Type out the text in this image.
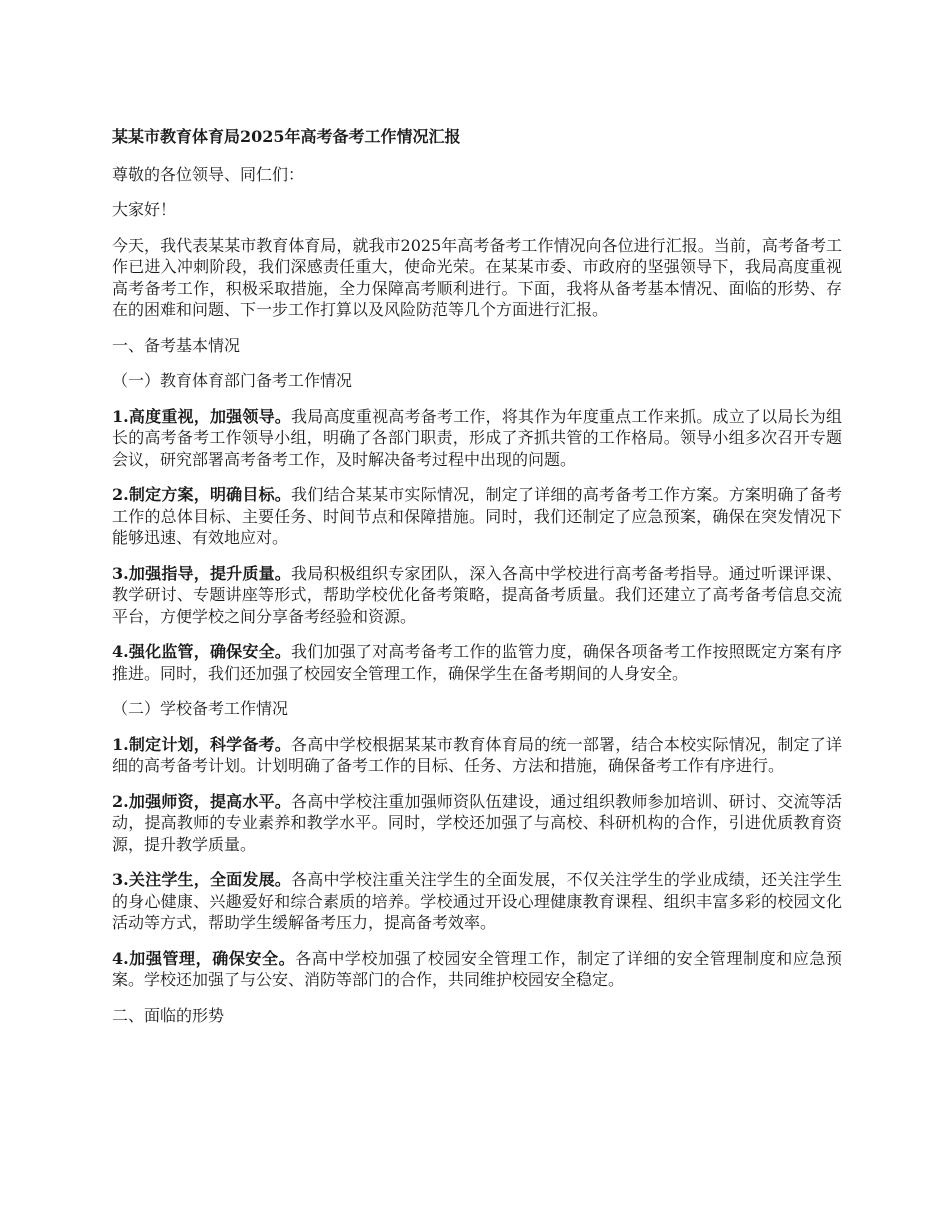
某某市教育体育局2025年高考备考工作情况汇报
尊敬的各位领导、同仁们：
大家好！
今天，我代表某某市教育体育局，就我市2025年高考备考工作情况向各位进行汇报。当前，高考备考工作已进入冲刺阶段，我们深感责任重大，使命光荣。在某某市委、市政府的坚强领导下，我局高度重视高考备考工作，积极采取措施，全力保障高考顺利进行。下面，我将从备考基本情况、面临的形势、存在的困难和问题、下一步工作打算以及风险防范等几个方面进行汇报。
一、备考基本情况
（一）教育体育部门备考工作情况
1.高度重视，加强领导。我局高度重视高考备考工作，将其作为年度重点工作来抓。成立了以局长为组长的高考备考工作领导小组，明确了各部门职责，形成了齐抓共管的工作格局。领导小组多次召开专题会议，研究部署高考备考工作，及时解决备考过程中出现的问题。
2.制定方案，明确目标。我们结合某某市实际情况，制定了详细的高考备考工作方案。方案明确了备考工作的总体目标、主要任务、时间节点和保障措施。同时，我们还制定了应急预案，确保在突发情况下能够迅速、有效地应对。
3.加强指导，提升质量。我局积极组织专家团队，深入各高中学校进行高考备考指导。通过听课评课、教学研讨、专题讲座等形式，帮助学校优化备考策略，提高备考质量。我们还建立了高考备考信息交流平台，方便学校之间分享备考经验和资源。
4.强化监管，确保安全。我们加强了对高考备考工作的监管力度，确保各项备考工作按照既定方案有序推进。同时，我们还加强了校园安全管理工作，确保学生在备考期间的人身安全。
（二）学校备考工作情况
1.制定计划，科学备考。各高中学校根据某某市教育体育局的统一部署，结合本校实际情况，制定了详细的高考备考计划。计划明确了备考工作的目标、任务、方法和措施，确保备考工作有序进行。
2.加强师资，提高水平。各高中学校注重加强师资队伍建设，通过组织教师参加培训、研讨、交流等活动，提高教师的专业素养和教学水平。同时，学校还加强了与高校、科研机构的合作，引进优质教育资源，提升教学质量。
3.关注学生，全面发展。各高中学校注重关注学生的全面发展，不仅关注学生的学业成绩，还关注学生的身心健康、兴趣爱好和综合素质的培养。学校通过开设心理健康教育课程、组织丰富多彩的校园文化活动等方式，帮助学生缓解备考压力，提高备考效率。
4.加强管理，确保安全。各高中学校加强了校园安全管理工作，制定了详细的安全管理制度和应急预案。学校还加强了与公安、消防等部门的合作，共同维护校园安全稳定。
二、面临的形势
